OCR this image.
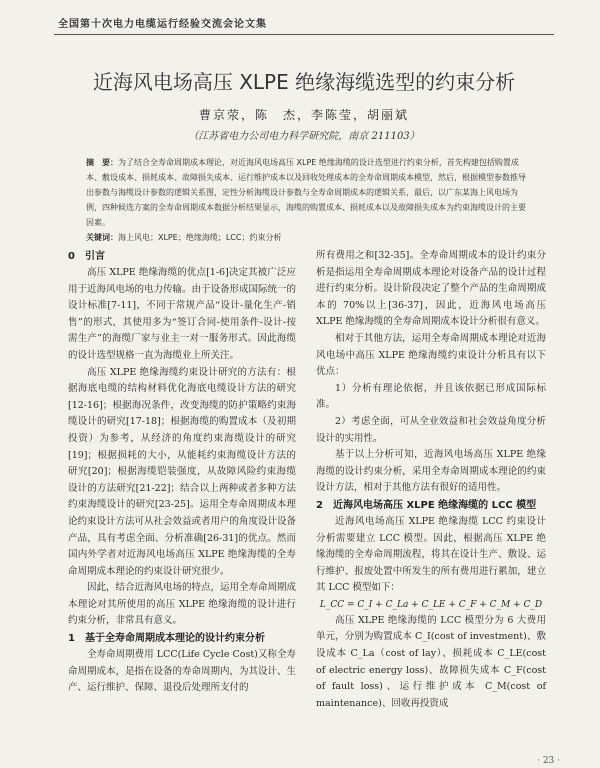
全国第十次电力电缆运行经验交流会论文集
近海风电场高压 XLPE 绝缘海缆选型的约束分析
曹京荥，陈　杰，李陈莹，胡丽斌
（江苏省电力公司电力科学研究院，南京 211103）
摘　要：为了结合全寿命周期成本理论，对近海风电场高压 XLPE 绝缘海缆的设计选型进行约束分析，首先构建包括购置成本、敷设成本、损耗成本、故障损失成本、运行维护成本以及回收处理成本的全寿命周期成本模型，然后，根据模型参数推导出参数与海缆设计参数的逻辑关系图，定性分析海缆设计参数与全寿命周期成本的逻辑关系，最后，以广东某海上风电场为例，四种候选方案的全寿命周期成本数据分析结果显示，海缆的购置成本、损耗成本以及故障损失成本为约束海缆设计的主要因素。
关键词：海上风电；XLPE；绝缘海缆；LCC；约束分析
0　引言

高压 XLPE 绝缘海缆的优点[1-6]决定其被广泛应用于近海风电场的电力传输。由于设备形成国际统一的设计标准[7-11]，不同于常规产品“设计-量化生产-销售”的形式，其使用多为“签订合同-使用条件-设计-按需生产”的海缆厂家与业主一对一服务形式。因此海缆的设计选型规格一直为海缆业上所关注。

高压 XLPE 绝缘海缆约束设计研究的方法有：根据海底电缆的结构材料优化海底电缆设计方法的研究[12-16]；根据海况条件，改变海缆的防护策略约束海缆设计的研究[17-18]；根据海缆的购置成本（及初期投资）为参考，从经济的角度约束海缆设计的研究[19]；根据损耗的大小，从能耗约束海缆设计方法的研究[20]；根据海缆铠装强度，从故障风险约束海缆设计的方法研究[21-22]；结合以上两种或者多种方法约束海缆设计的研究[23-25]。运用全寿命周期成本理论约束设计方法可从社会效益或者用户的角度设计设备产品，具有考虑全面、分析准确[26-31]的优点。然而国内外学者对近海风电场高压 XLPE 绝缘海缆的全寿命周期成本理论的约束设计研究很少。

因此，结合近海风电场的特点，运用全寿命周期成本理论对其所使用的高压 XLPE 绝缘海缆的设计进行约束分析，非常具有意义。

1　基于全寿命周期成本理论的设计约束分析

全寿命周期费用 LCC(Life Cycle Cost)又称全寿命周期成本，是指在设备的寿命周期内，为其设计、生产、运行维护、保障、退役后处理所支付的

所有费用之和[32-35]。全寿命周期成本的设计约束分析是指运用全寿命周期成本理论对设备产品的设计过程进行约束分析。设计阶段决定了整个产品的生命周期成本的 70%以上[36-37]，因此，近海风电场高压 XLPE 绝缘海缆的全寿命周期成本设计分析很有意义。

相对于其他方法，运用全寿命周期成本理论对近海风电场中高压 XLPE 绝缘海缆约束设计分析具有以下优点：

1）分析有理论依据，并且该依据已形成国际标准。

2）考虑全面，可从全业效益和社会效益角度分析设计的实用性。

基于以上分析可知，近海风电场高压 XLPE 绝缘海缆的设计约束分析，采用全寿命周期成本理论的约束设计方法，相对于其他方法有很好的适用性。

2　近海风电场高压 XLPE 绝缘海缆的 LCC 模型

近海风电场高压 XLPE 绝缘海缆 LCC 约束设计分析需要建立 LCC 模型。因此，根据高压 XLPE 绝缘海缆的全寿命周期流程，将其在设计生产、敷设、运行维护、报废处置中所发生的所有费用进行累加，建立其 LCC 模型如下：

L_CC = C_I + C_La + C_LE + C_F + C_M + C_D

高压 XLPE 绝缘海缆的 LCC 模型分为 6 大费用单元，分别为购置成本 C_I(cost of investment)、敷设成本 C_La（cost of lay）、损耗成本 C_LE(cost of electric energy loss)、故障损失成本 C_F(cost of fault loss)、运行维护成本 C_M(cost of maintenance)、回收再投资成

· 23 ·
